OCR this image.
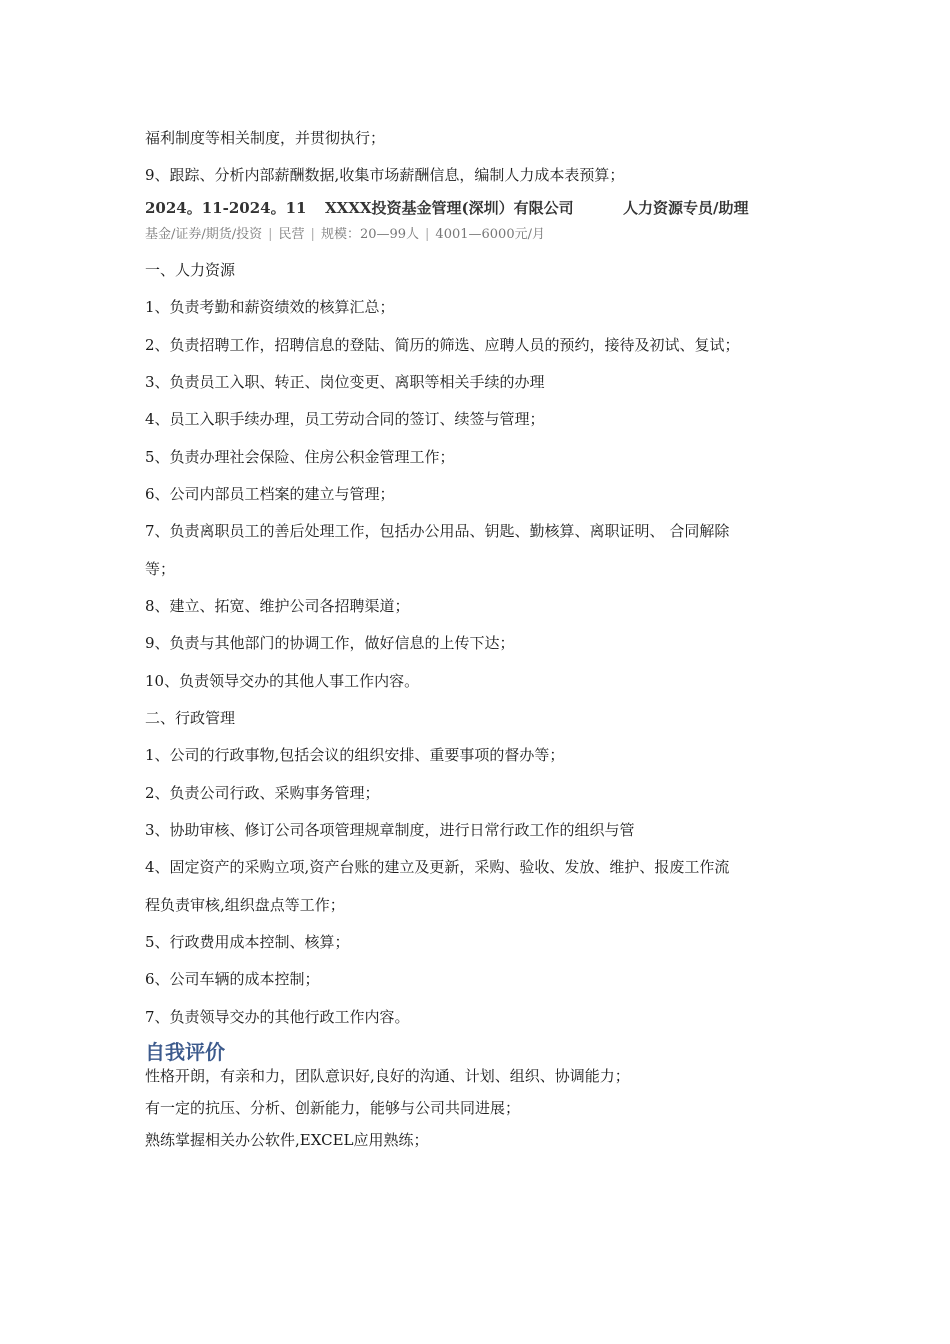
福利制度等相关制度，并贯彻执行；
9、跟踪、分析内部薪酬数据,收集市场薪酬信息，编制人力成本表预算；
2024。11-2024。11 XXXX投资基金管理(深圳）有限公司	人力资源专员/助理
基金/证券/期货/投资 | 民营 | 规模：20—99人 | 4001—6000元/月
一、人力资源
1、负责考勤和薪资绩效的核算汇总；
2、负责招聘工作，招聘信息的登陆、简历的筛选、应聘人员的预约，接待及初试、复试；
3、负责员工入职、转正、岗位变更、离职等相关手续的办理
4、员工入职手续办理，员工劳动合同的签订、续签与管理；
5、负责办理社会保险、住房公积金管理工作；
6、公司内部员工档案的建立与管理；
7、负责离职员工的善后处理工作，包括办公用品、钥匙、勤核算、离职证明、 合同解除
等；
8、建立、拓宽、维护公司各招聘渠道；
9、负责与其他部门的协调工作，做好信息的上传下达；
10、负责领导交办的其他人事工作内容。
二、行政管理
1、公司的行政事物,包括会议的组织安排、重要事项的督办等；
2、负责公司行政、采购事务管理；
3、协助审核、修订公司各项管理规章制度，进行日常行政工作的组织与管
4、固定资产的采购立项,资产台账的建立及更新，采购、验收、发放、维护、报废工作流
程负责审核,组织盘点等工作；
5、行政费用成本控制、核算；
6、公司车辆的成本控制；
7、负责领导交办的其他行政工作内容。
自我评价
性格开朗，有亲和力，团队意识好,良好的沟通、计划、组织、协调能力；
有一定的抗压、分析、创新能力，能够与公司共同进展；
熟练掌握相关办公软件,EXCEL应用熟练；
